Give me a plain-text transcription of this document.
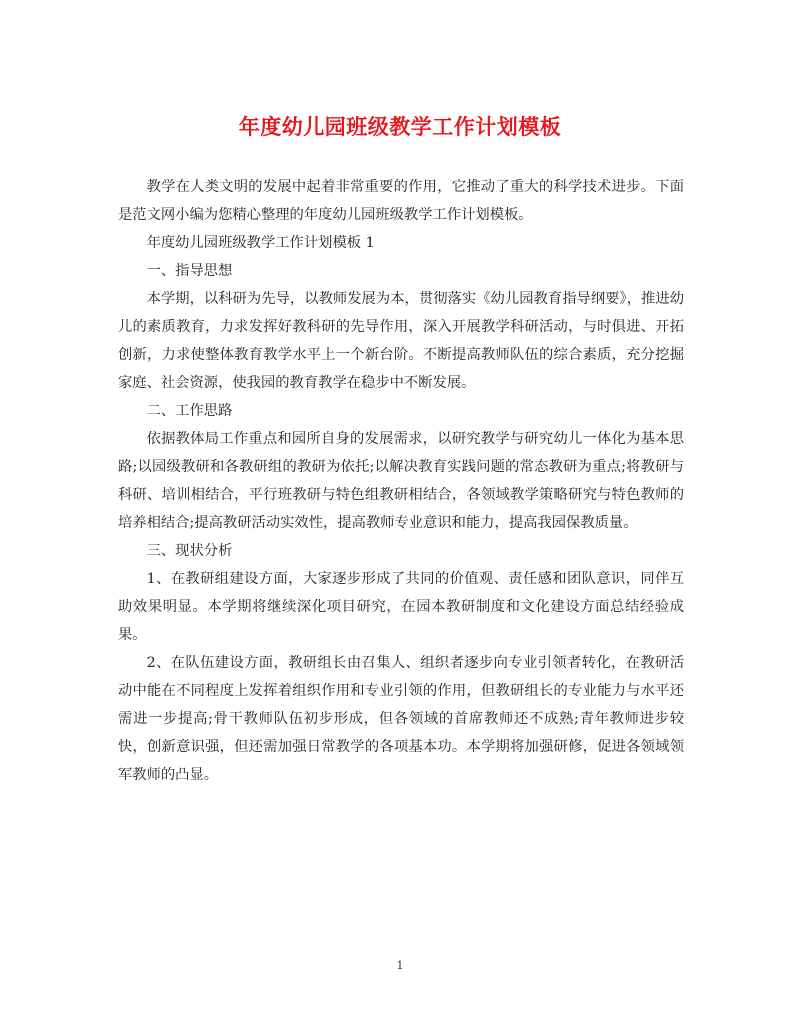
年度幼儿园班级教学工作计划模板

教学在人类文明的发展中起着非常重要的作用，它推动了重大的科学技术进步。下面是范文网小编为您精心整理的年度幼儿园班级教学工作计划模板。

年度幼儿园班级教学工作计划模板 1

一、指导思想

本学期，以科研为先导，以教师发展为本，贯彻落实《幼儿园教育指导纲要》，推进幼儿的素质教育，力求发挥好教科研的先导作用，深入开展教学科研活动，与时俱进、开拓创新，力求使整体教育教学水平上一个新台阶。不断提高教师队伍的综合素质，充分挖掘家庭、社会资源，使我园的教育教学在稳步中不断发展。

二、工作思路

依据教体局工作重点和园所自身的发展需求，以研究教学与研究幼儿一体化为基本思路;以园级教研和各教研组的教研为依托;以解决教育实践问题的常态教研为重点;将教研与科研、培训相结合，平行班教研与特色组教研相结合，各领域教学策略研究与特色教师的培养相结合;提高教研活动实效性，提高教师专业意识和能力，提高我园保教质量。

三、现状分析

1、在教研组建设方面，大家逐步形成了共同的价值观、责任感和团队意识，同伴互助效果明显。本学期将继续深化项目研究，在园本教研制度和文化建设方面总结经验成果。

2、在队伍建设方面，教研组长由召集人、组织者逐步向专业引领者转化，在教研活动中能在不同程度上发挥着组织作用和专业引领的作用，但教研组长的专业能力与水平还需进一步提高;骨干教师队伍初步形成，但各领域的首席教师还不成熟;青年教师进步较快，创新意识强，但还需加强日常教学的各项基本功。本学期将加强研修，促进各领域领军教师的凸显。

1
